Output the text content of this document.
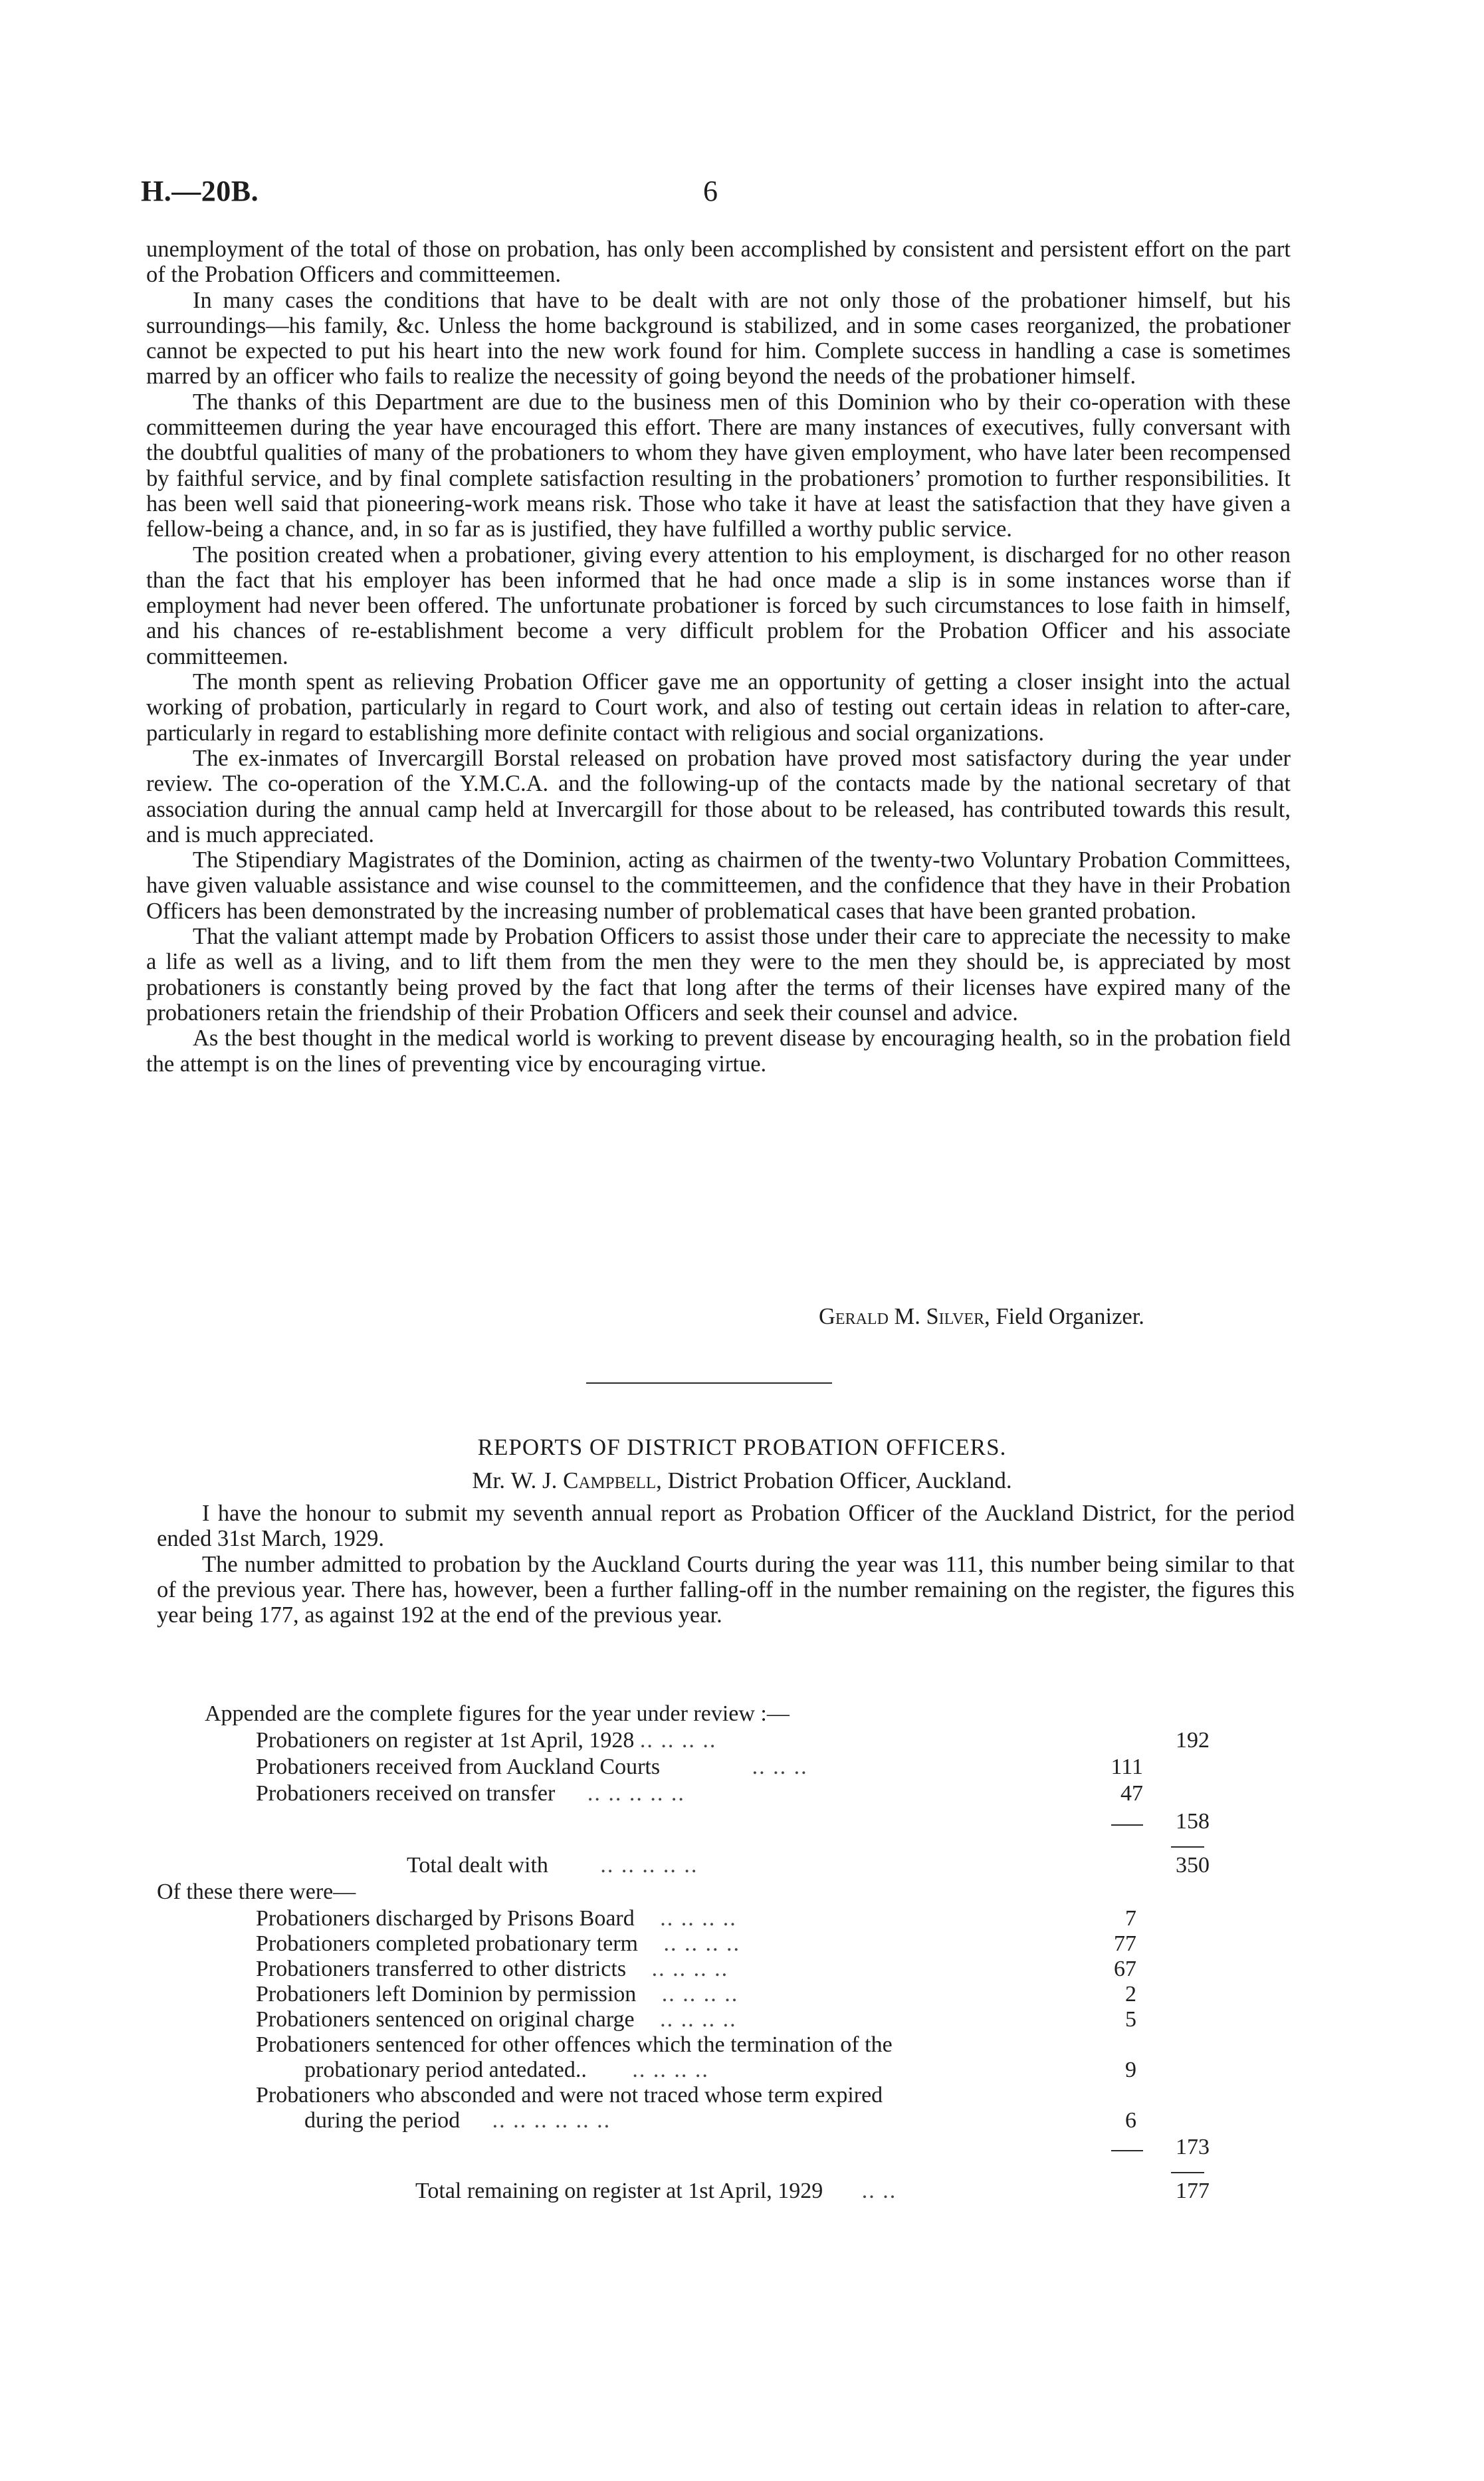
H.—20B.	6

unemployment of the total of those on probation, has only been accomplished by consistent and persistent effort on the part of the Probation Officers and committeemen.

In many cases the conditions that have to be dealt with are not only those of the probationer himself, but his surroundings—his family, &c. Unless the home background is stabilized, and in some cases reorganized, the probationer cannot be expected to put his heart into the new work found for him. Complete success in handling a case is sometimes marred by an officer who fails to realize the necessity of going beyond the needs of the probationer himself.

The thanks of this Department are due to the business men of this Dominion who by their co-operation with these committeemen during the year have encouraged this effort. There are many instances of executives, fully conversant with the doubtful qualities of many of the probationers to whom they have given employment, who have later been recompensed by faithful service, and by final complete satisfaction resulting in the probationers’ promotion to further responsibilities. It has been well said that pioneering-work means risk. Those who take it have at least the satisfaction that they have given a fellow-being a chance, and, in so far as is justified, they have fulfilled a worthy public service.

The position created when a probationer, giving every attention to his employment, is discharged for no other reason than the fact that his employer has been informed that he had once made a slip is in some instances worse than if employment had never been offered. The unfortunate probationer is forced by such circumstances to lose faith in himself, and his chances of re-establishment become a very difficult problem for the Probation Officer and his associate committeemen.

The month spent as relieving Probation Officer gave me an opportunity of getting a closer insight into the actual working of probation, particularly in regard to Court work, and also of testing out certain ideas in relation to after-care, particularly in regard to establishing more definite contact with religious and social organizations.

The ex-inmates of Invercargill Borstal released on probation have proved most satisfactory during the year under review. The co-operation of the Y.M.C.A. and the following-up of the contacts made by the national secretary of that association during the annual camp held at Invercargill for those about to be released, has contributed towards this result, and is much appreciated.

The Stipendiary Magistrates of the Dominion, acting as chairmen of the twenty-two Voluntary Probation Committees, have given valuable assistance and wise counsel to the committeemen, and the confidence that they have in their Probation Officers has been demonstrated by the increasing number of problematical cases that have been granted probation.

That the valiant attempt made by Probation Officers to assist those under their care to appreciate the necessity to make a life as well as a living, and to lift them from the men they were to the men they should be, is appreciated by most probationers is constantly being proved by the fact that long after the terms of their licenses have expired many of the probationers retain the friendship of their Probation Officers and seek their counsel and advice.

As the best thought in the medical world is working to prevent disease by encouraging health, so in the probation field the attempt is on the lines of preventing vice by encouraging virtue.

Gerald M. Silver, Field Organizer.
REPORTS OF DISTRICT PROBATION OFFICERS.
Mr. W. J. Campbell, District Probation Officer, Auckland.

I have the honour to submit my seventh annual report as Probation Officer of the Auckland District, for the period ended 31st March, 1929.

The number admitted to probation by the Auckland Courts during the year was 111, this number being similar to that of the previous year. There has, however, been a further falling-off in the number remaining on the register, the figures this year being 177, as against 192 at the end of the previous year.

Appended are the complete figures for the year under review :—
Probationers on register at 1st April, 1928 .. .. .. ..	192
Probationers received from Auckland Courts	.. .. ..	111
Probationers received on transfer .. .. .. .. ..	47
158
Total dealt with .. .. .. .. ..	350
Of these there were—
Probationers discharged by Prisons Board .. .. .. ..	7
Probationers completed probationary term .. .. .. ..	77
Probationers transferred to other districts .. .. .. ..	67
Probationers left Dominion by permission .. .. .. ..	2
Probationers sentenced on original charge .. .. .. ..	5
Probationers sentenced for other offences which the termination of the
probationary period antedated.. .. .. .. ..	9
Probationers who absconded and were not traced whose term expired
during the period .. .. .. .. .. ..	6
173
Total remaining on register at 1st April, 1929 .. ..	177
